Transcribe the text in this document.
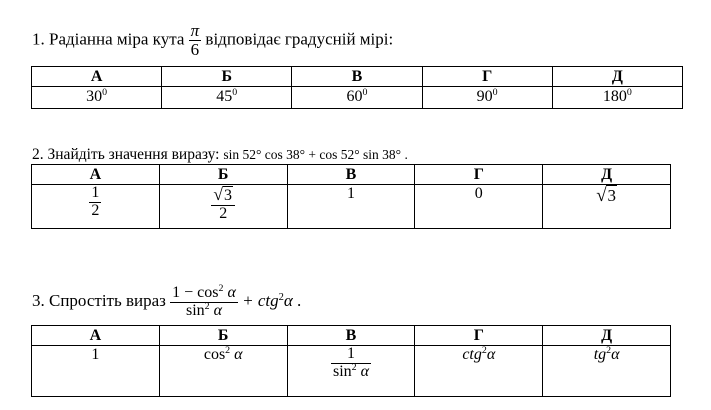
1. Радіанна міра кута $\frac{\pi}{6}$ відповідає градусній мірі:
А	Б	В	Г	Д
$30^0$	$45^0$	$60^0$	$90^0$	$180^0$
2. Знайдіть значення виразу: sin 52° cos 38° + cos 52° sin 38° .
А	Б	В	Г	Д

$\frac{1}{2}$	$\frac{√3}{2}$	1	0	√3
3. Спростіть вираз $\frac{1 - \cos^2 \alpha}{\sin^2 \alpha} + ctg^2\alpha$ .
А	Б	В	Г	Д
1	$\cos^2 \alpha$	$\frac{1}{\sin^2 \alpha}$	ctg$^2$α	$tg^2\alpha$
